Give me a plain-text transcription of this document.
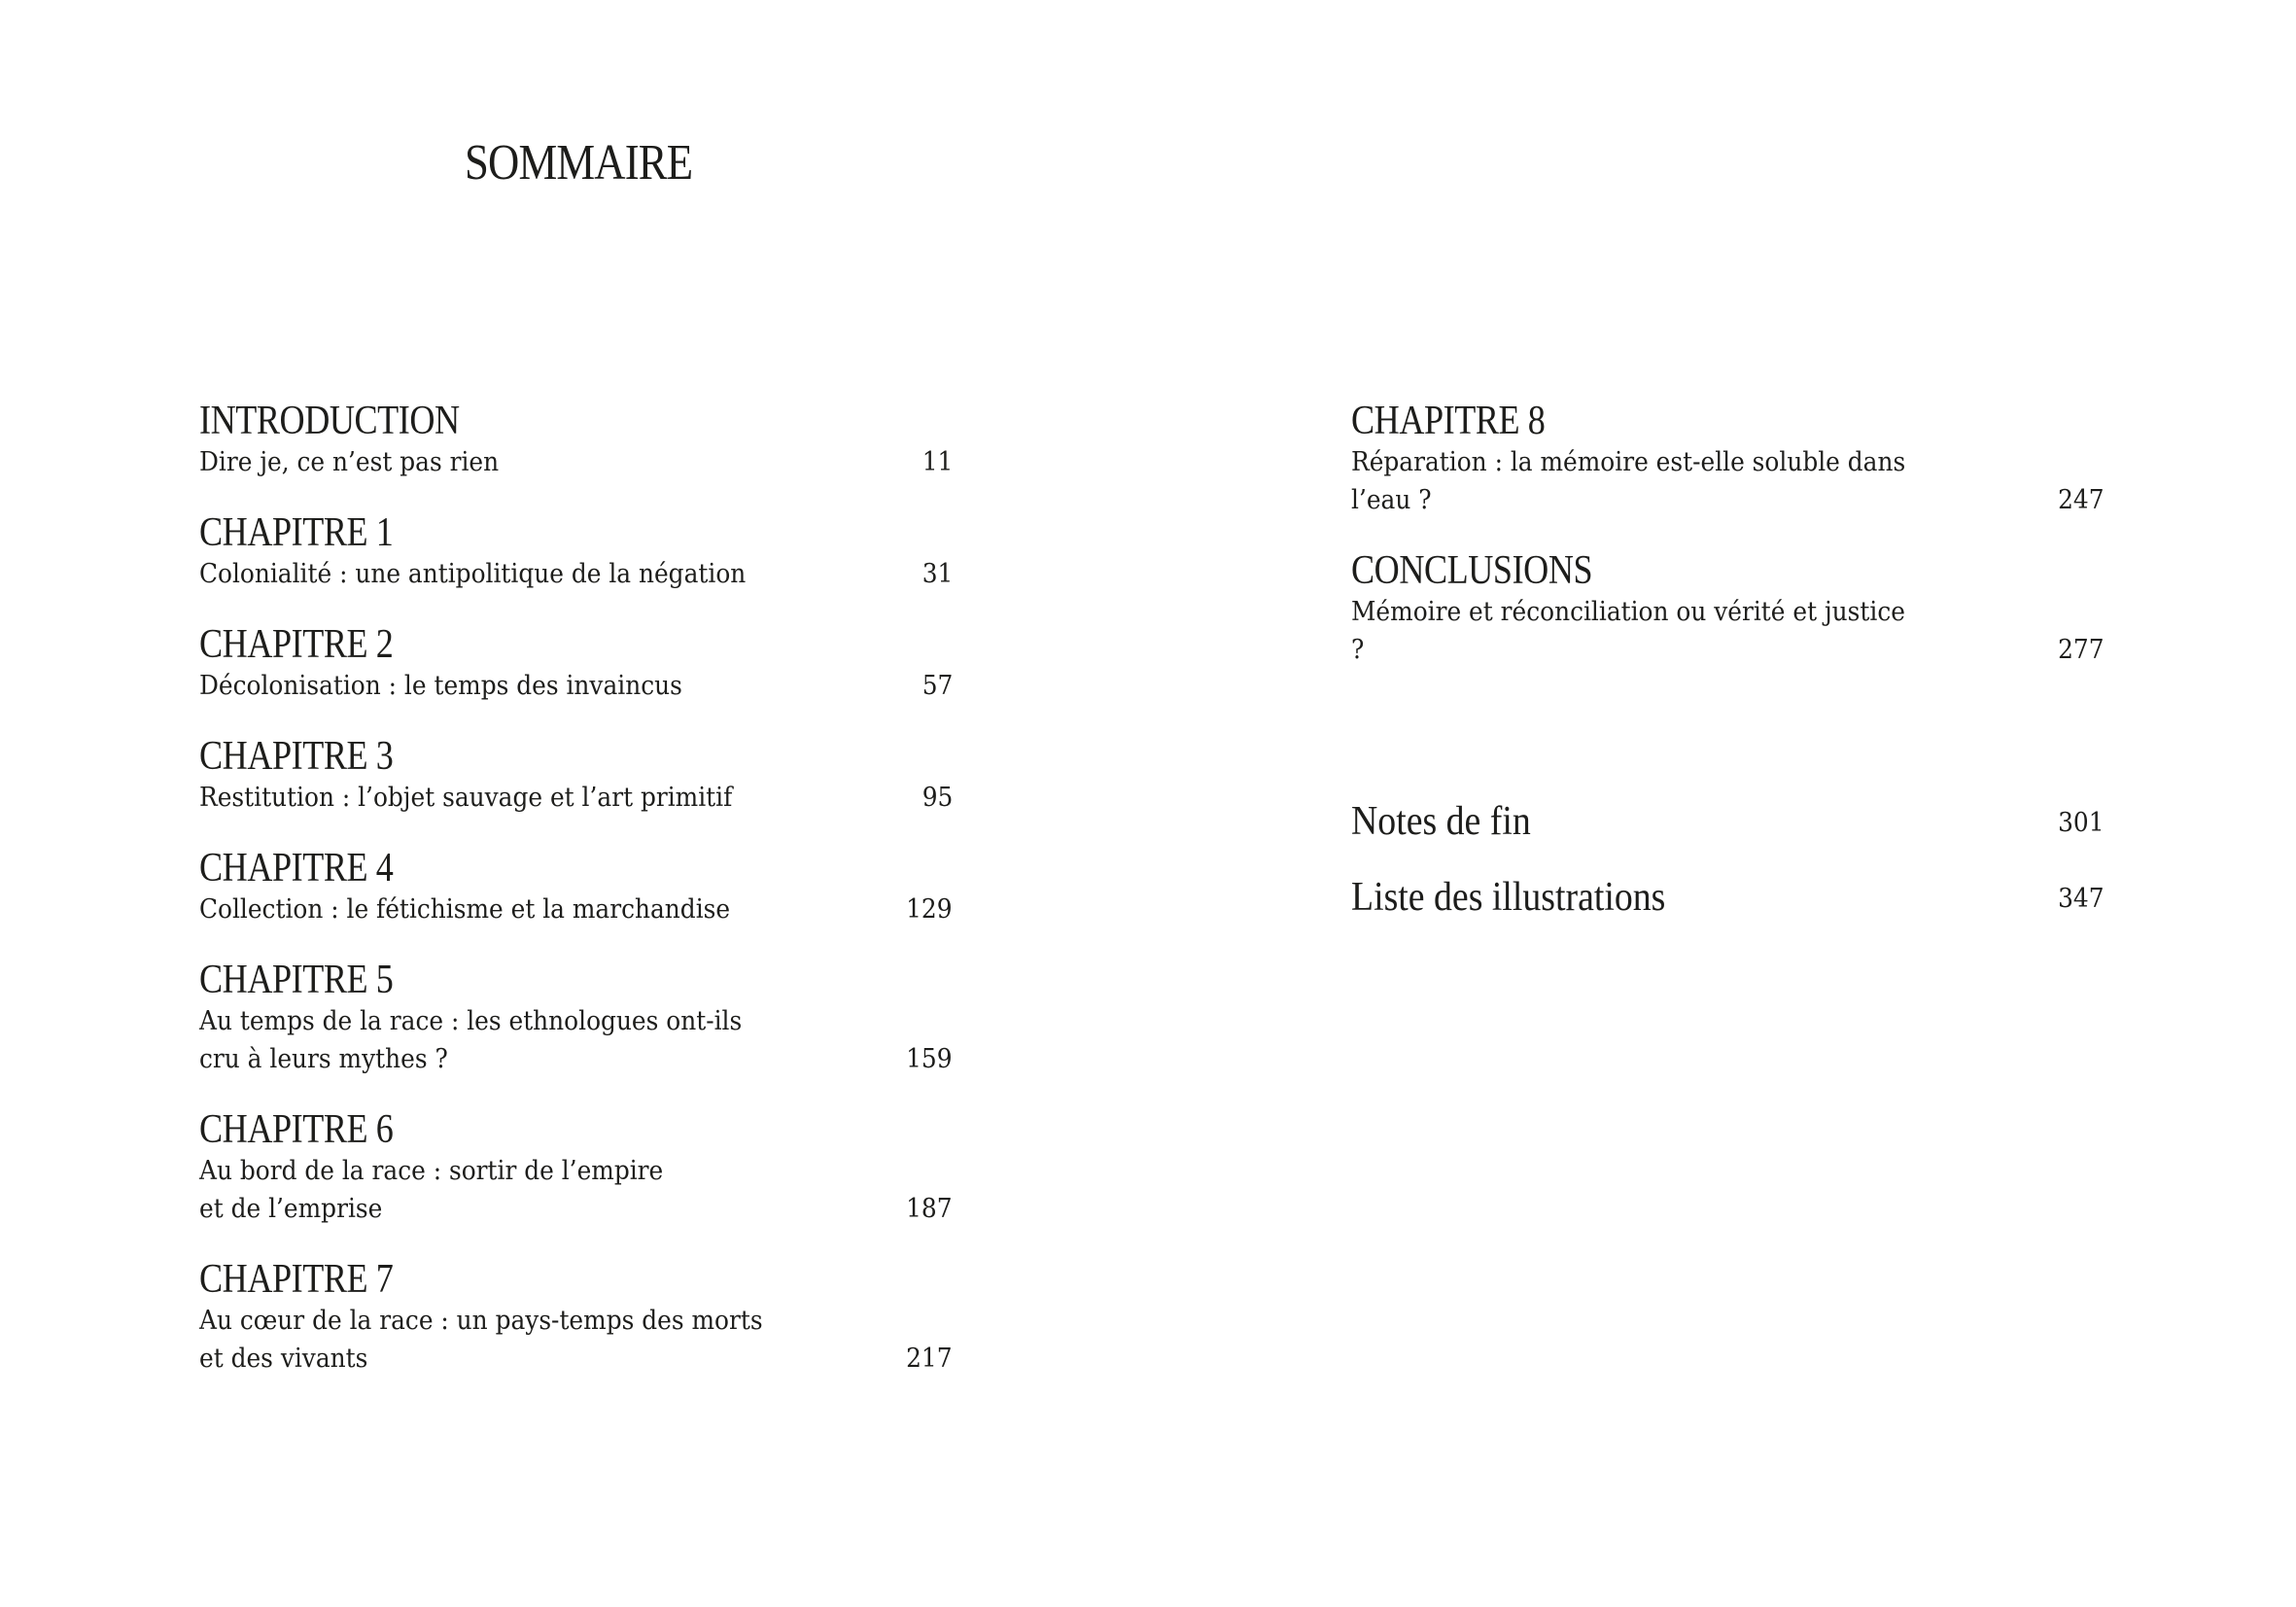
SOMMAIRE
INTRODUCTION
Dire je, ce n’est pas rien	11
CHAPITRE 1
Colonialité : une antipolitique de la négation	31
CHAPITRE 2
Décolonisation : le temps des invaincus	57
CHAPITRE 3
Restitution : l’objet sauvage et l’art primitif	95
CHAPITRE 4
Collection : le fétichisme et la marchandise	129
CHAPITRE 5
Au temps de la race : les ethnologues ont-ils
cru à leurs mythes ?	159
CHAPITRE 6
Au bord de la race : sortir de l’empire
et de l’emprise	187
CHAPITRE 7
Au cœur de la race : un pays-temps des morts
et des vivants	217
CHAPITRE 8
Réparation : la mémoire est-elle soluble dans l’eau ?	247
CONCLUSIONS
Mémoire et réconciliation ou vérité et justice ?	277
Notes de fin	301
Liste des illustrations	347
